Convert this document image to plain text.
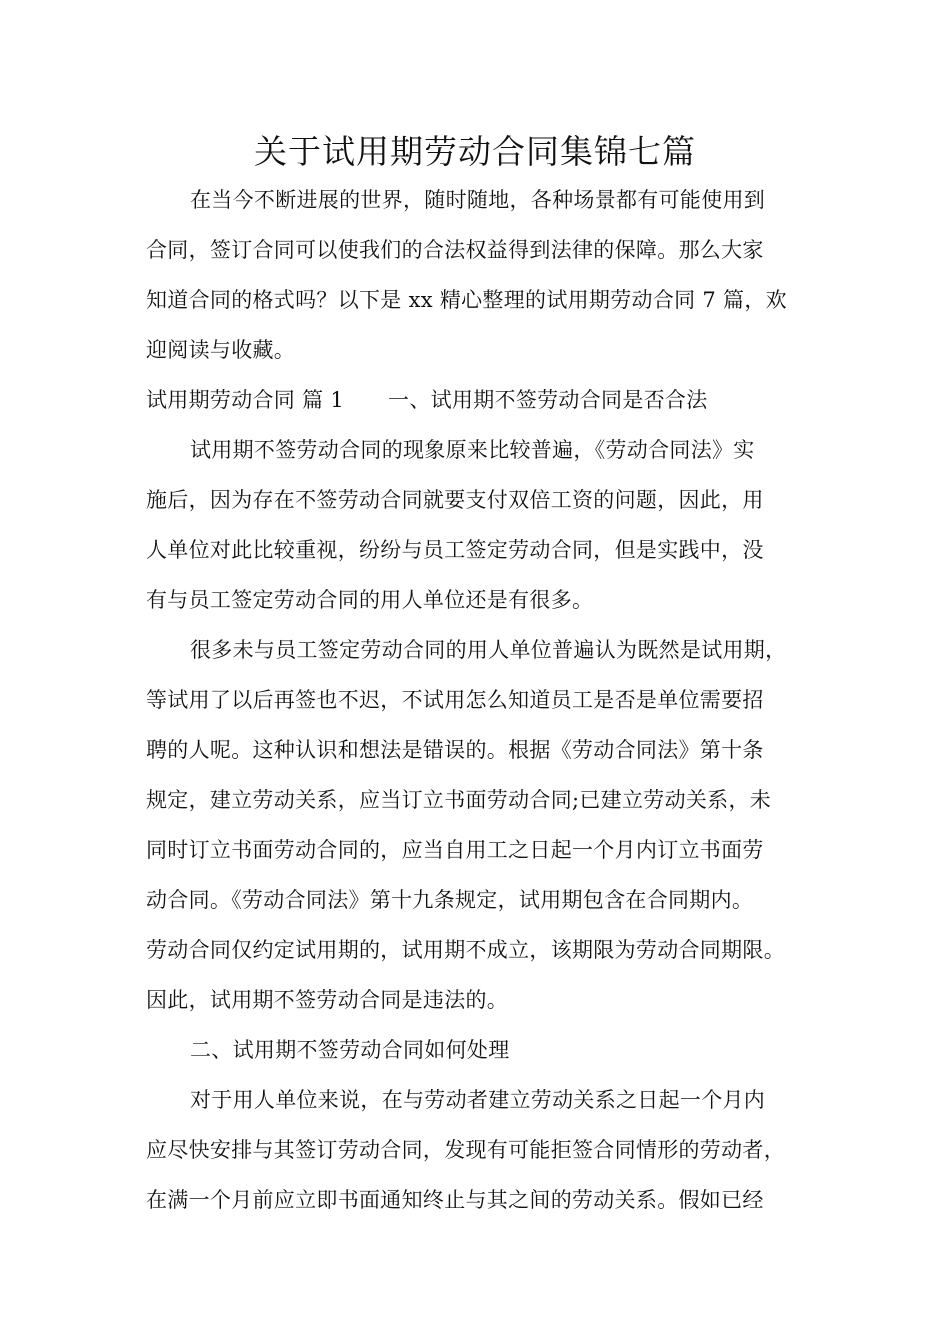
关于试用期劳动合同集锦七篇
在当今不断进展的世界，随时随地，各种场景都有可能使用到
合同，签订合同可以使我们的合法权益得到法律的保障。那么大家
知道合同的格式吗？以下是 xx 精心整理的试用期劳动合同 7 篇，欢
迎阅读与收藏。
试用期劳动合同 篇 1 一、试用期不签劳动合同是否合法
试用期不签劳动合同的现象原来比较普遍，《劳动合同法》实
施后，因为存在不签劳动合同就要支付双倍工资的问题，因此，用
人单位对此比较重视，纷纷与员工签定劳动合同，但是实践中，没
有与员工签定劳动合同的用人单位还是有很多。
很多未与员工签定劳动合同的用人单位普遍认为既然是试用期，
等试用了以后再签也不迟，不试用怎么知道员工是否是单位需要招
聘的人呢。这种认识和想法是错误的。根据《劳动合同法》第十条
规定，建立劳动关系，应当订立书面劳动合同;已建立劳动关系，未
同时订立书面劳动合同的，应当自用工之日起一个月内订立书面劳
动合同。《劳动合同法》第十九条规定，试用期包含在合同期内。
劳动合同仅约定试用期的，试用期不成立，该期限为劳动合同期限。
因此，试用期不签劳动合同是违法的。
二、试用期不签劳动合同如何处理
对于用人单位来说，在与劳动者建立劳动关系之日起一个月内
应尽快安排与其签订劳动合同，发现有可能拒签合同情形的劳动者，
在满一个月前应立即书面通知终止与其之间的劳动关系。假如已经
